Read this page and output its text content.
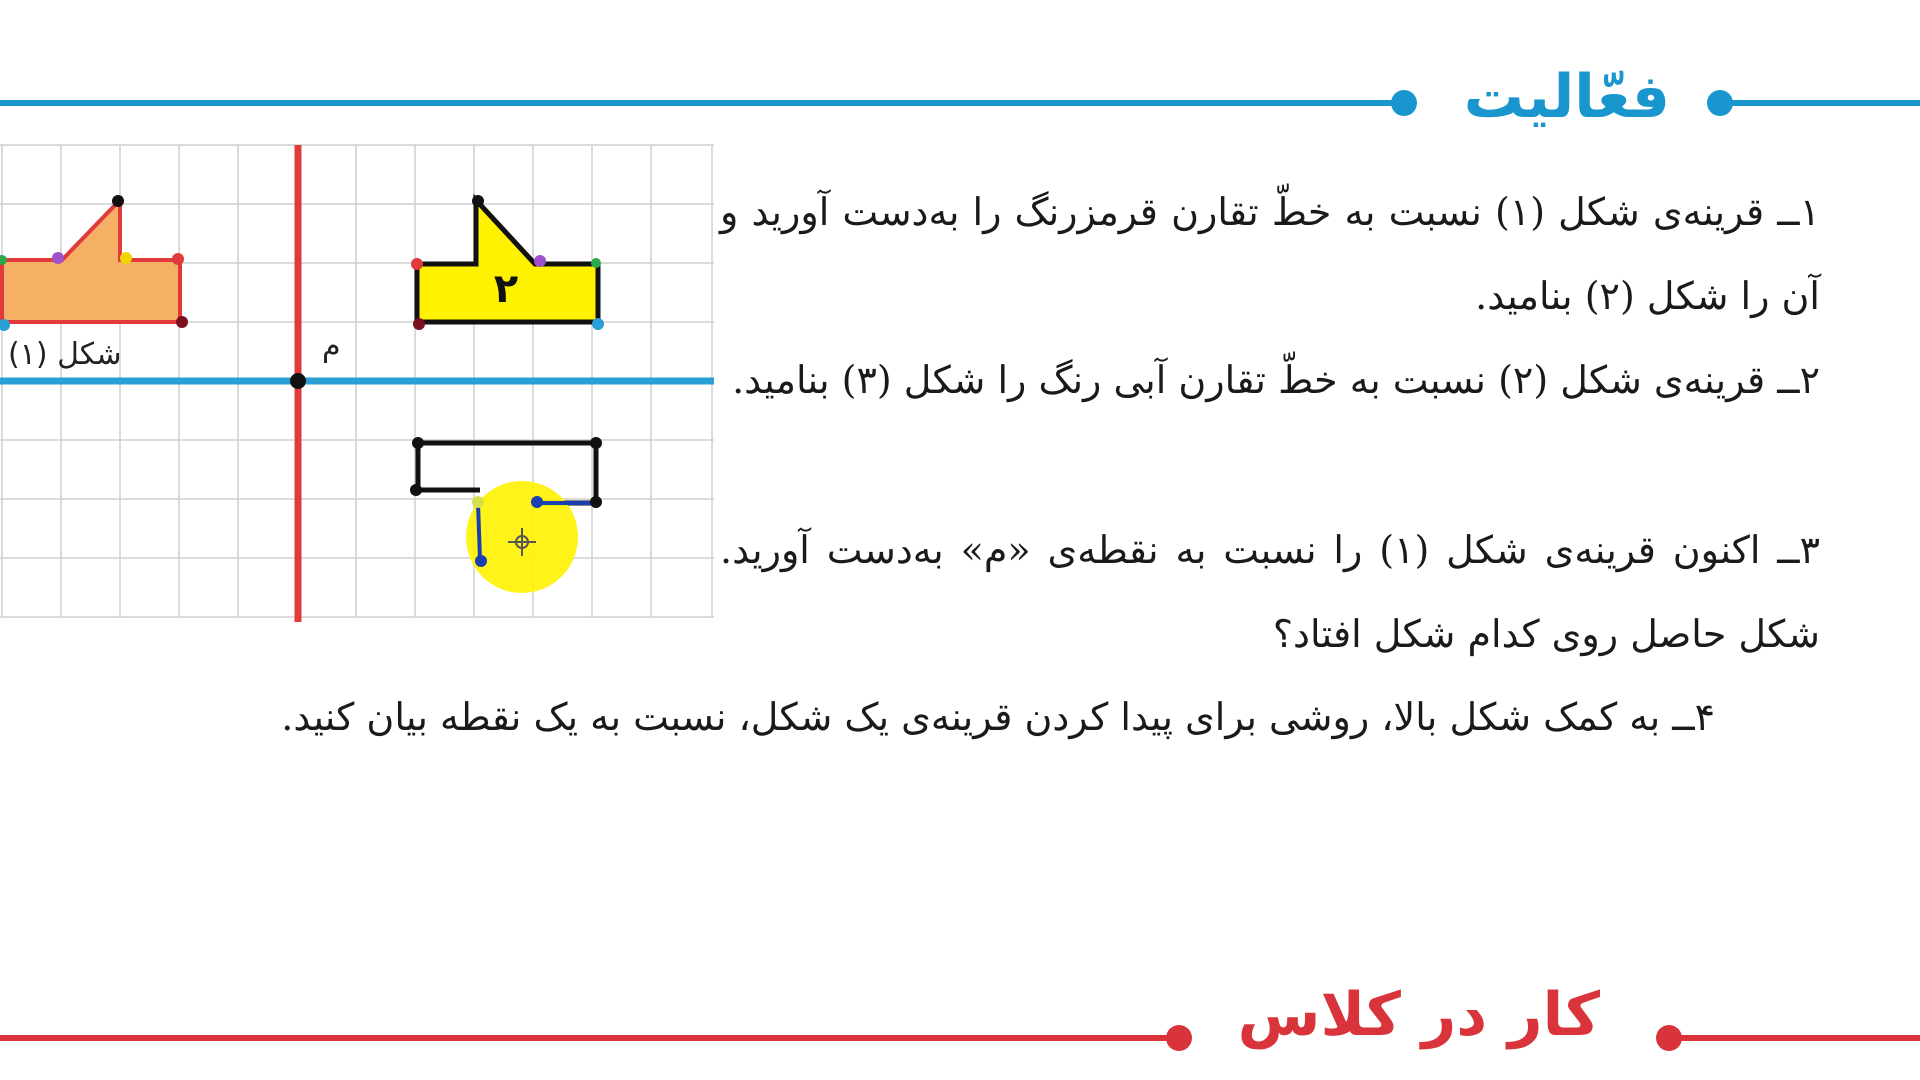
فعّالیت
۲
شکل (۱)	م
۱ــ قرینه‌ی شکل (۱) نسبت به خطّ تقارن قرمزرنگ را به‌دست آورید و آن را شکل (۲) بنامید.
۲ــ قرینه‌ی شکل (۲) نسبت به خطّ تقارن آبی رنگ را شکل (۳) بنامید.
۳ــ اکنون قرینه‌ی شکل (۱) را نسبت به نقطه‌ی «م» به‌دست آورید. شکل حاصل روی کدام شکل افتاد؟
۴ــ به کمک شکل بالا، روشی برای پیدا کردن قرینه‌ی یک شکل، نسبت به یک نقطه بیان کنید.
کار در کلاس
